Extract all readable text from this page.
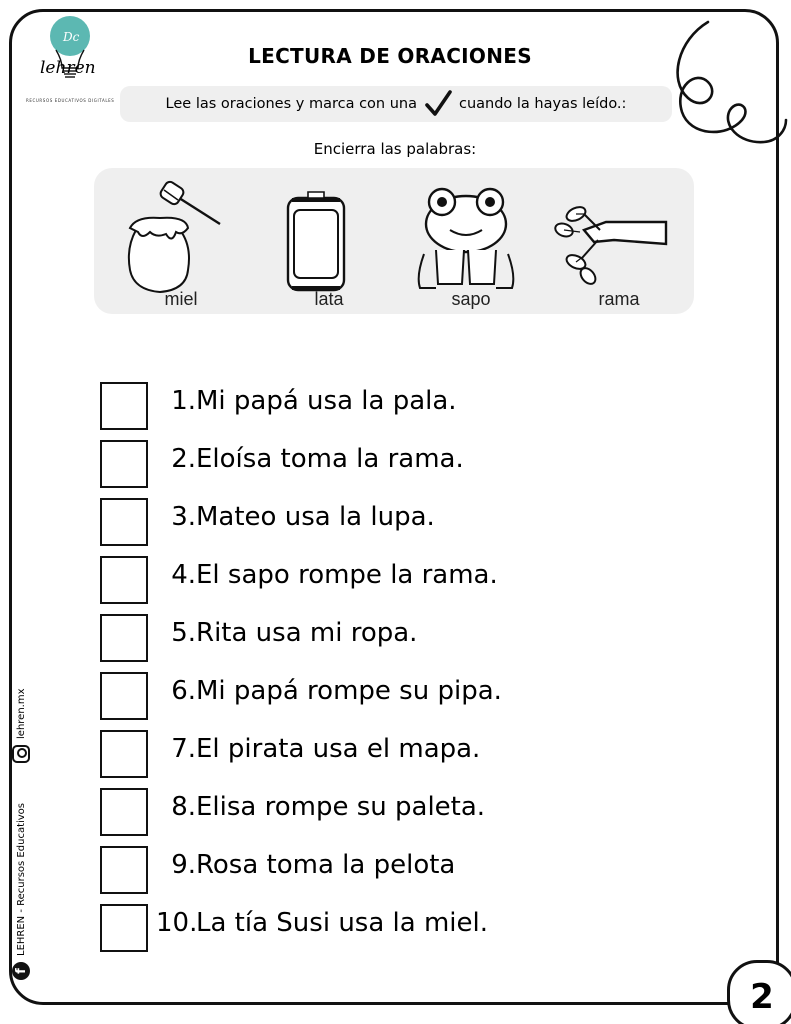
Dc
lehren
RECURSOS EDUCATIVOS DIGITALES
LECTURA DE ORACIONES
Lee las oraciones y marca con una	cuando la hayas leído.:
Encierra las palabras:
miel	lata	sapo	rama
1. Mi papá usa la pala.
2. Eloísa toma la rama.
3. Mateo usa la lupa.
4. El sapo rompe la rama.
5. Rita usa mi ropa.
6. Mi papá rompe su pipa.
7. El pirata usa el mapa.
8. Elisa rompe su paleta.
9. Rosa toma la pelota
10.
La tía Susi usa la miel.
f
LEHREN - Recursos Educativos
lehren.mx
2
